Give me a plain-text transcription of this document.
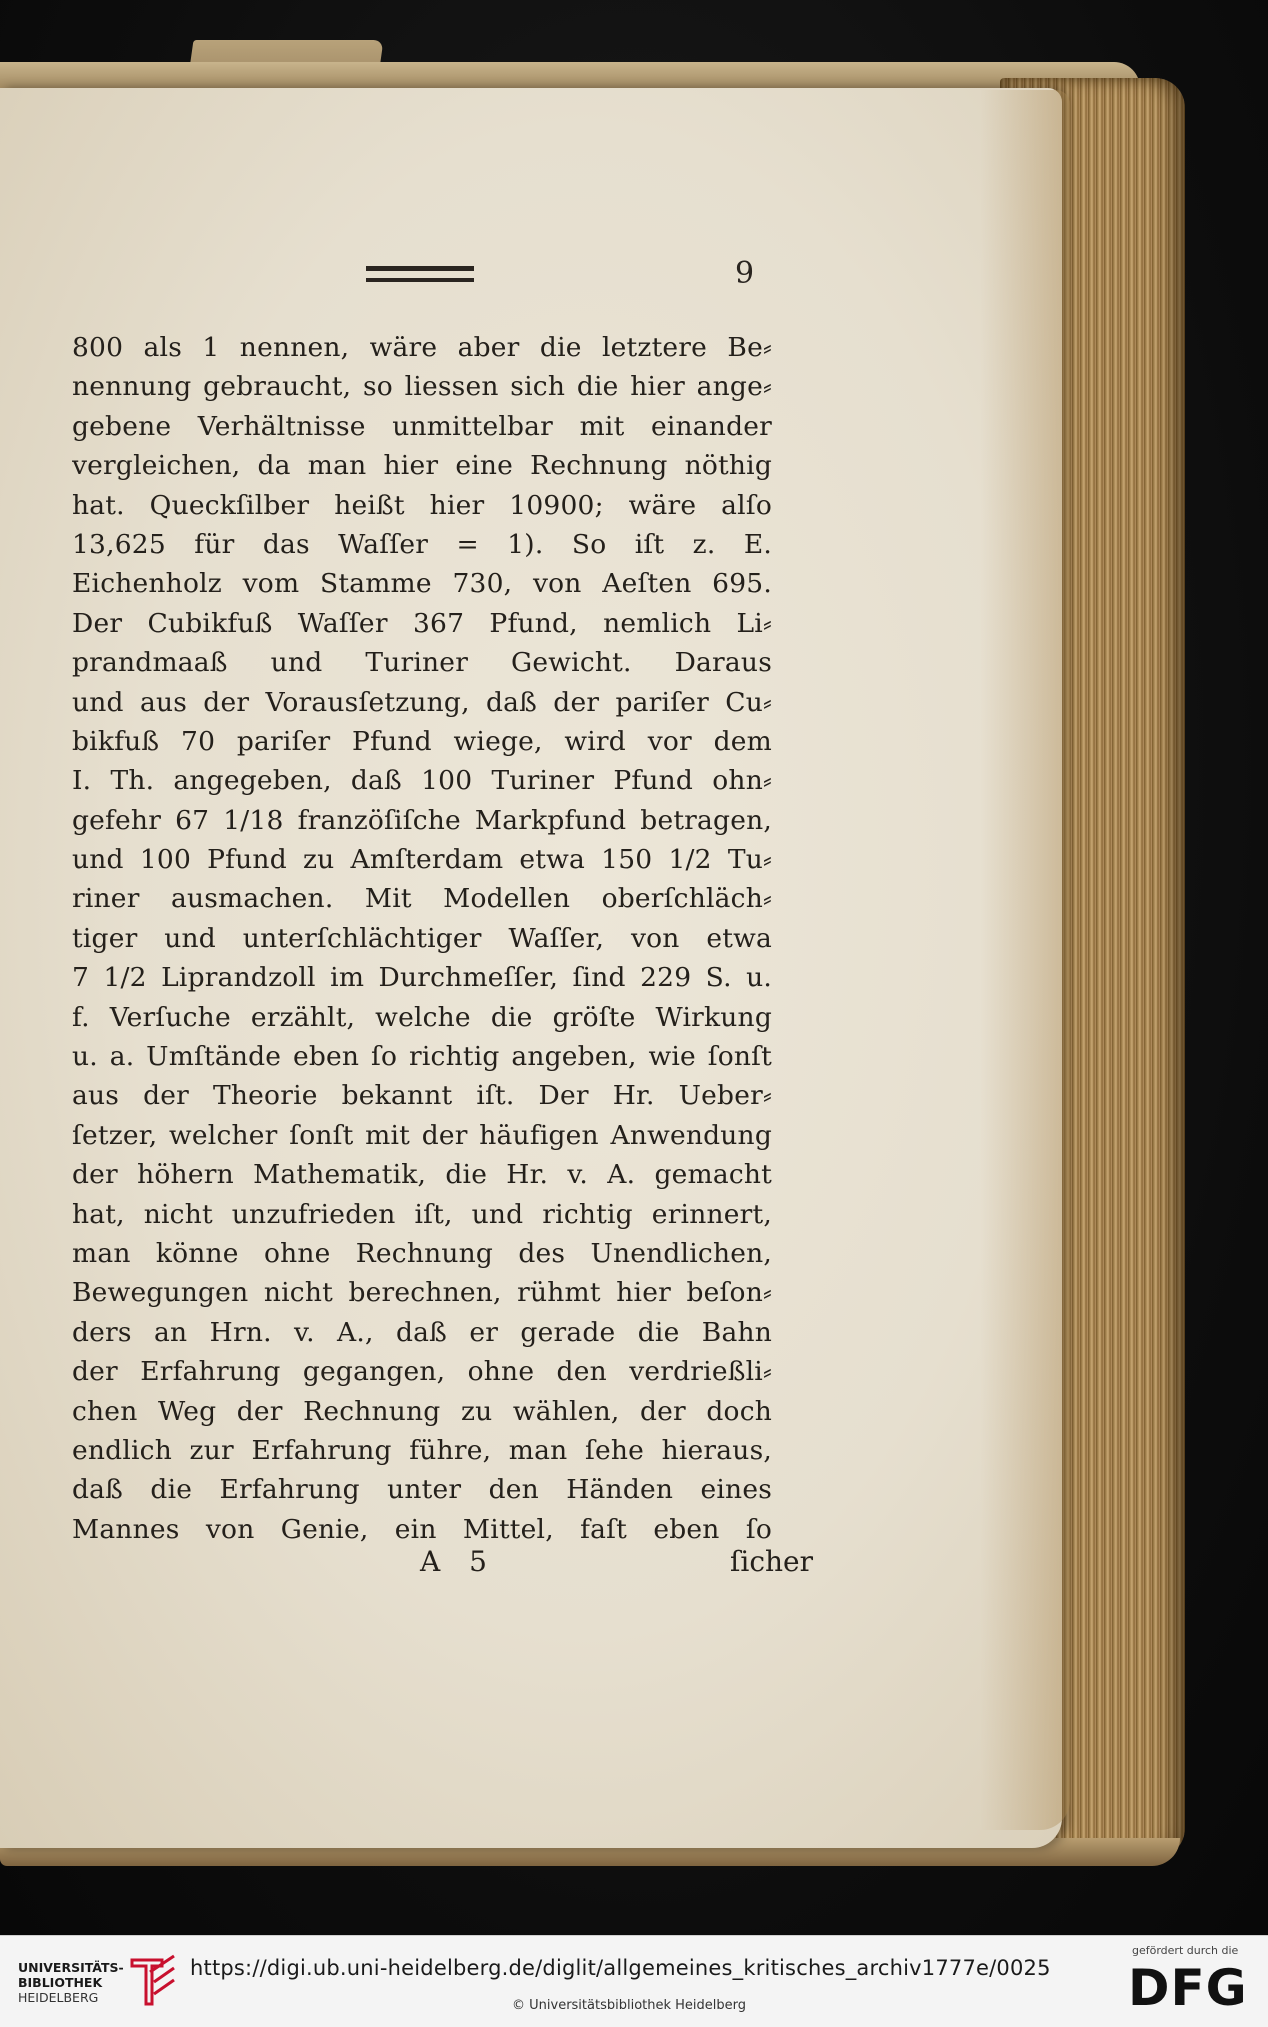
9
800 als 1 nennen, wäre aber die letztere Be⸗
nennung gebraucht, so liessen sich die hier ange⸗
gebene Verhältnisse unmittelbar mit einander
vergleichen, da man hier eine Rechnung nöthig
hat. Queckſilber heißt hier 10900; wäre alſo
13,625 für das Waſſer = 1). So iſt z. E.
Eichenholz vom Stamme 730, von Aeſten 695.
Der Cubikfuß Waſſer 367 Pfund, nemlich Li⸗
prandmaaß und Turiner Gewicht. Daraus
und aus der Vorausſetzung, daß der pariſer Cu⸗
bikfuß 70 pariſer Pfund wiege, wird vor dem
I. Th. angegeben, daß 100 Turiner Pfund ohn⸗
gefehr 67 1/18 franzöſiſche Markpfund betragen,
und 100 Pfund zu Amſterdam etwa 150 1/2 Tu⸗
riner ausmachen. Mit Modellen oberſchläch⸗
tiger und unterſchlächtiger Waſſer, von etwa
7 1/2 Liprandzoll im Durchmeſſer, ſind 229 S. u.
f. Verſuche erzählt, welche die gröſte Wirkung
u. a. Umſtände eben ſo richtig angeben, wie ſonſt
aus der Theorie bekannt iſt. Der Hr. Ueber⸗
ſetzer, welcher ſonſt mit der häufigen Anwendung
der höhern Mathematik, die Hr. v. A. gemacht
hat, nicht unzufrieden iſt, und richtig erinnert,
man könne ohne Rechnung des Unendlichen,
Bewegungen nicht berechnen, rühmt hier beſon⸗
ders an Hrn. v. A., daß er gerade die Bahn
der Erfahrung gegangen, ohne den verdrießli⸗
chen Weg der Rechnung zu wählen, der doch
endlich zur Erfahrung führe, man ſehe hieraus,
daß die Erfahrung unter den Händen eines
Mannes von Genie, ein Mittel, faſt eben ſo
A 5	ſicher
UNIVERSITÄTS-
BIBLIOTHEK
HEIDELBERG
https://digi.ub.uni-heidelberg.de/diglit/allgemeines_kritisches_archiv1777e/0025
© Universitätsbibliothek Heidelberg
gefördert durch die
DFG
